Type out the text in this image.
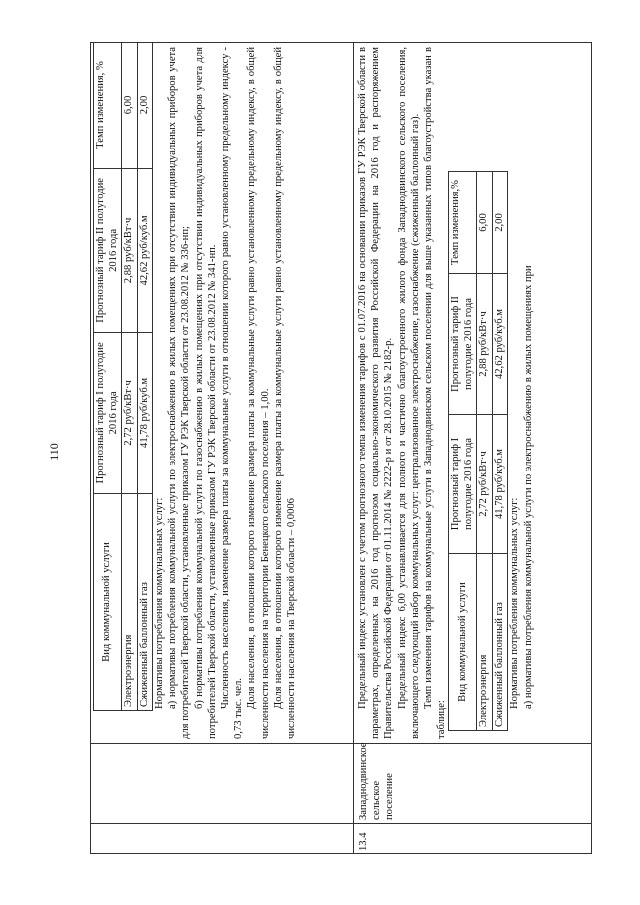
110
Вид коммунальной услуги	Прогнозный тариф I полугодие 2016 года	Прогнозный тариф II полугодие 2016 года	Темп изменения, %
Электроэнергия	2,72 руб/кВт·ч	2,88 руб/кВт·ч	6,00
Сжиженный баллонный газ	41,78 руб/куб.м	42,62 руб/куб.м	2,00

Нормативы потребления коммунальных услуг: а) нормативы потребления коммунальной услуги по электроснабжению в жилых помещениях при отсутствии индивидуальных приборов учета для потребителей Тверской области, установленные приказом ГУ РЭК Тверской области от 23.08.2012 № 336-нп; б) нормативы потребления коммунальной услуги по газоснабжению в жилых помещениях при отсутствии индивидуальных приборов учета для потребителей Тверской области, установленные приказом ГУ РЭК Тверской области от 23.08.2012 № 341-нп. Численность населения, изменение размера платы за коммунальные услуги в отношении которого равно установленному предельному индексу - 0,73 тыс. чел. Доля населения, в отношении которого изменение размера платы за коммунальные услуги равно установленному предельному индексу, в общей численности населения на территории Бенецкого сельского поселения – 1,00. Доля населения, в отношении которого изменение размера платы за коммунальные услуги равно установленному предельному индексу, в общей численности населения на Тверской области – 0,0006

13.4
Западнодвинское сельское поселение

Предельный индекс установлен с учетом прогнозного темпа изменения тарифов с 01.07.2016 на основании приказов ГУ РЭК Тверской области в параметрах, определенных на 2016 год прогнозом социально-экономического развития Российской Федерации на 2016 год и распоряжением Правительства Российской Федерации от 01.11.2014 № 2222-р и от 28.10.2015 № 2182-р. Предельный индекс 6,00 устанавливается для полного и частично благоустроенного жилого фонда Западнодвинского сельского поселения, включающего следующий набор коммунальных услуг: централизованное электроснабжение, газоснабжение (сжиженный баллонный газ). Темп изменения тарифов на коммунальные услуги в Западнодвинском сельском поселении для выше указанных типов благоустройства указан в таблице:

Вид коммунальной услуги	Прогнозный тариф I полугодие 2016 года	Прогнозный тариф II полугодие 2016 года	Темп изменения,%
Электроэнергия	2,72 руб/кВт·ч	2,88 руб/кВт·ч	6,00
Сжиженный баллонный газ	41,78 руб/куб.м	42,62 руб/куб.м	2,00

Нормативы потребления коммунальных услуг: а) нормативы потребления коммунальной услуги по электроснабжению в жилых помещениях при
